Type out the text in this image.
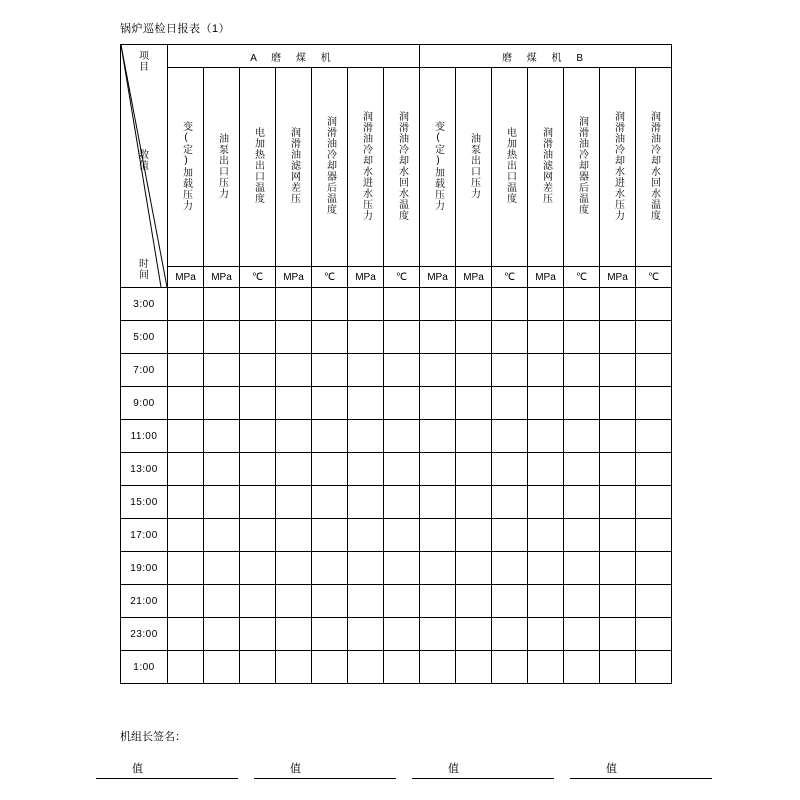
锅炉巡检日报表（1）
项目
数值
时间	A 磨 煤 机							磨 煤 机 B						
	变(定)加载压力	油泵出口压力	电加热出口温度	润滑油滤网差压	润滑油冷却器后温度	润滑油冷却水进水压力	润滑油冷却水回水温度	变(定)加载压力	油泵出口压力	电加热出口温度	润滑油滤网差压	润滑油冷却器后温度	润滑油冷却水进水压力	润滑油冷却水回水温度
	MPa	MPa	℃	MPa	℃	MPa	℃	MPa	MPa	℃	MPa	℃	MPa	℃
3:00														
5:00														
7:00														
9:00														
11:00														
13:00														
15:00														
17:00														
19:00														
21:00														
23:00														
1:00														
机组长签名：
值	值	值	值
